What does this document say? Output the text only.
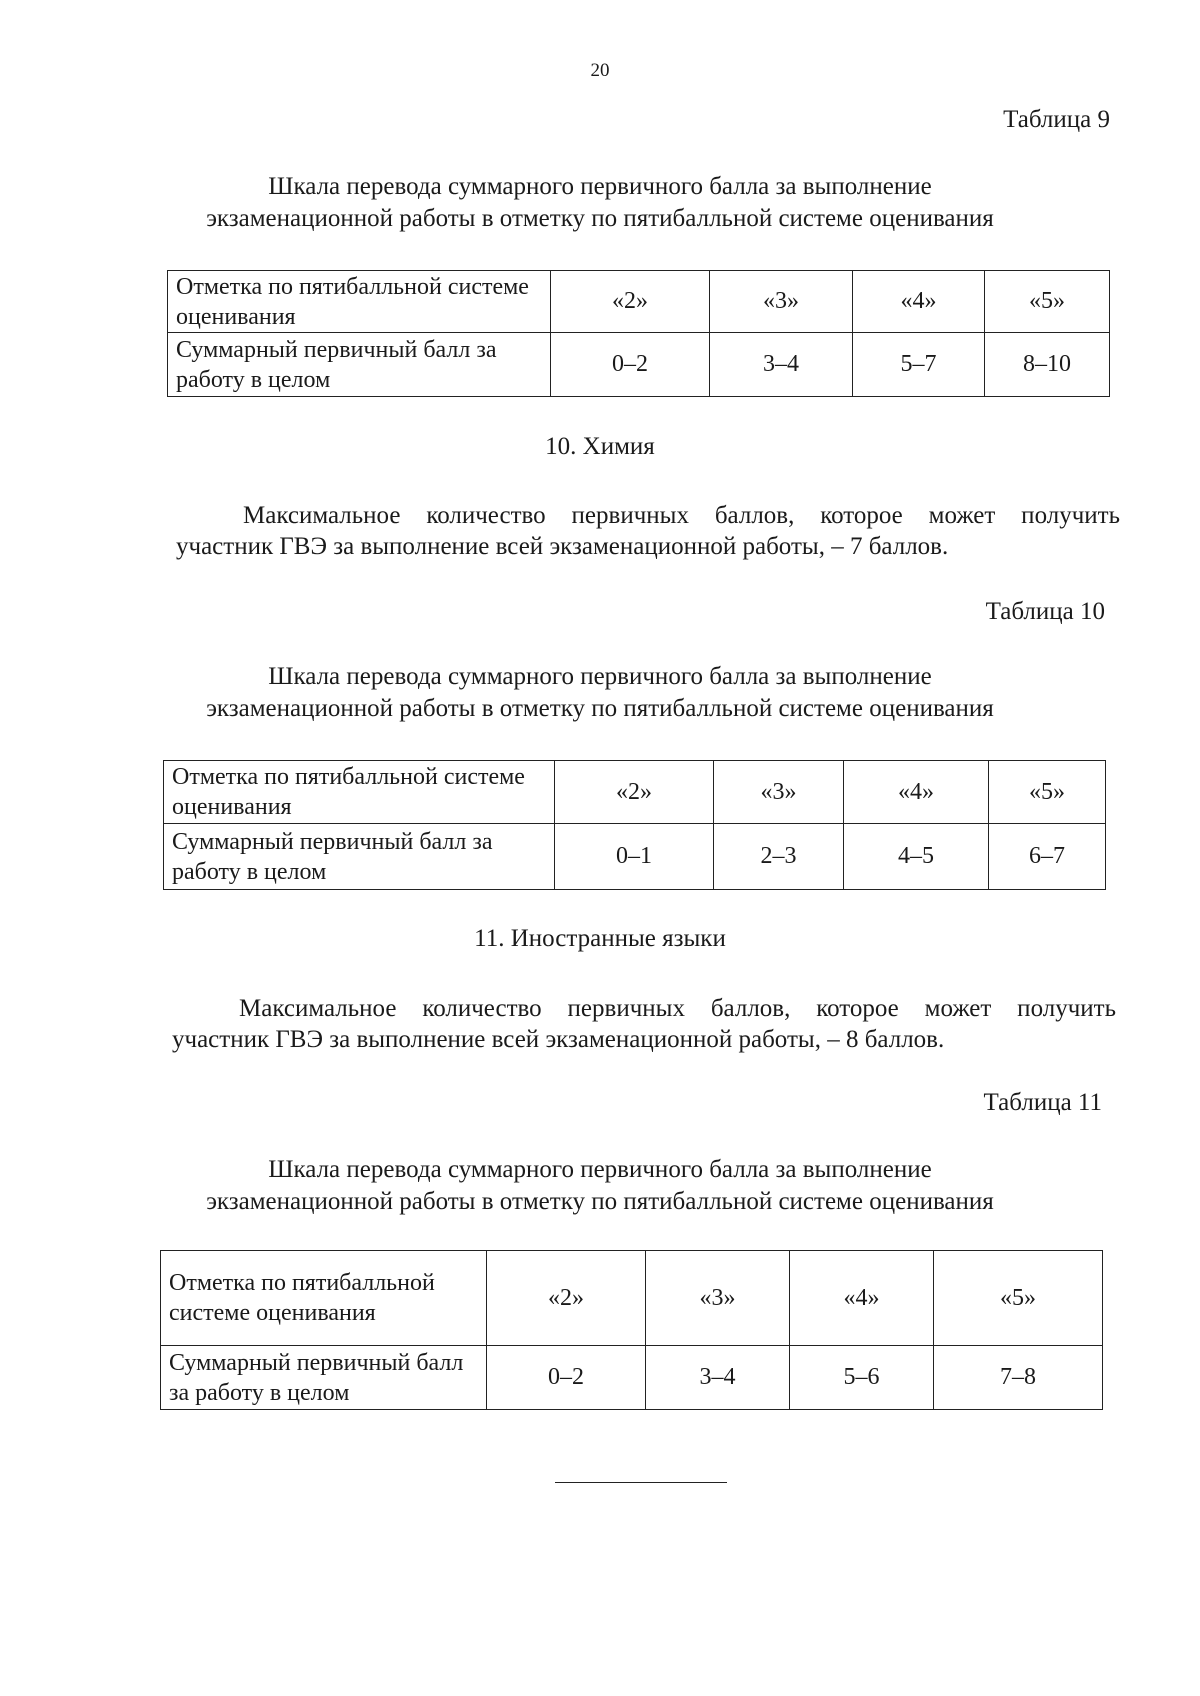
20
Таблица 9
Шкала перевода суммарного первичного балла за выполнение
экзаменационной работы в отметку по пятибалльной системе оценивания
Отметка по пятибалльной системе оценивания	«2»	«3»	«4»	«5»
Суммарный первичный балл за работу в целом	0–2	3–4	5–7	8–10
10. Химия
Максимальное количество первичных баллов, которое может получить
участник ГВЭ за выполнение всей экзаменационной работы, – 7 баллов.
Таблица 10
Шкала перевода суммарного первичного балла за выполнение
экзаменационной работы в отметку по пятибалльной системе оценивания
Отметка по пятибалльной системе оценивания	«2»	«3»	«4»	«5»
Суммарный первичный балл за работу в целом	0–1	2–3	4–5	6–7
11. Иностранные языки
Максимальное количество первичных баллов, которое может получить
участник ГВЭ за выполнение всей экзаменационной работы, – 8 баллов.
Таблица 11
Шкала перевода суммарного первичного балла за выполнение
экзаменационной работы в отметку по пятибалльной системе оценивания
Отметка по пятибалльной системе оценивания	«2»	«3»	«4»	«5»
Суммарный первичный балл за работу в целом	0–2	3–4	5–6	7–8
